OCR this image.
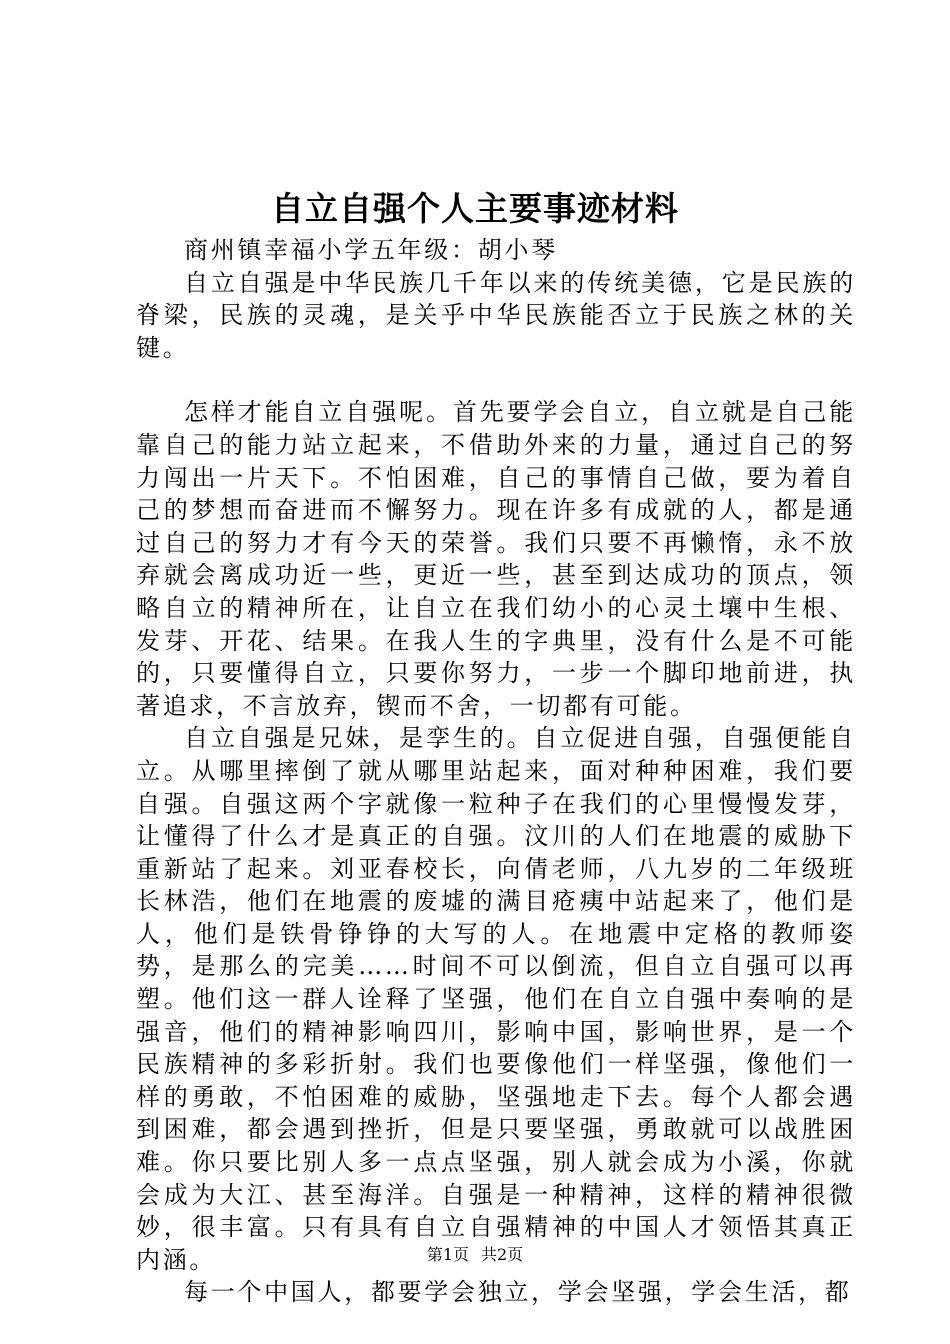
自立自强个人主要事迹材料

商州镇幸福小学五年级：胡小琴

自立自强是中华民族几千年以来的传统美德，它是民族的脊梁，民族的灵魂，是关乎中华民族能否立于民族之林的关键。

怎样才能自立自强呢。首先要学会自立，自立就是自己能靠自己的能力站立起来，不借助外来的力量，通过自己的努力闯出一片天下。不怕困难，自己的事情自己做，要为着自己的梦想而奋进而不懈努力。现在许多有成就的人，都是通过自己的努力才有今天的荣誉。我们只要不再懒惰，永不放弃就会离成功近一些，更近一些，甚至到达成功的顶点，领略自立的精神所在，让自立在我们幼小的心灵土壤中生根、发芽、开花、结果。在我人生的字典里，没有什么是不可能的，只要懂得自立，只要你努力，一步一个脚印地前进，执著追求，不言放弃，锲而不舍，一切都有可能。

自立自强是兄妹，是孪生的。自立促进自强，自强便能自立。从哪里摔倒了就从哪里站起来，面对种种困难，我们要自强。自强这两个字就像一粒种子在我们的心里慢慢发芽，让懂得了什么才是真正的自强。汶川的人们在地震的威胁下重新站了起来。刘亚春校长，向倩老师，八九岁的二年级班长林浩，他们在地震的废墟的满目疮痍中站起来了，他们是人，他们是铁骨铮铮的大写的人。在地震中定格的教师姿势，是那么的完美……时间不可以倒流，但自立自强可以再塑。他们这一群人诠释了坚强，他们在自立自强中奏响的是强音，他们的精神影响四川，影响中国，影响世界，是一个民族精神的多彩折射。我们也要像他们一样坚强，像他们一样的勇敢，不怕困难的威胁，坚强地走下去。每个人都会遇到困难，都会遇到挫折，但是只要坚强，勇敢就可以战胜困难。你只要比别人多一点点坚强，别人就会成为小溪，你就会成为大江、甚至海洋。自强是一种精神，这样的精神很微妙，很丰富。只有具有自立自强精神的中国人才领悟其真正内涵。

每一个中国人，都要学会独立，学会坚强，学会生活，都

第1页 共2页
